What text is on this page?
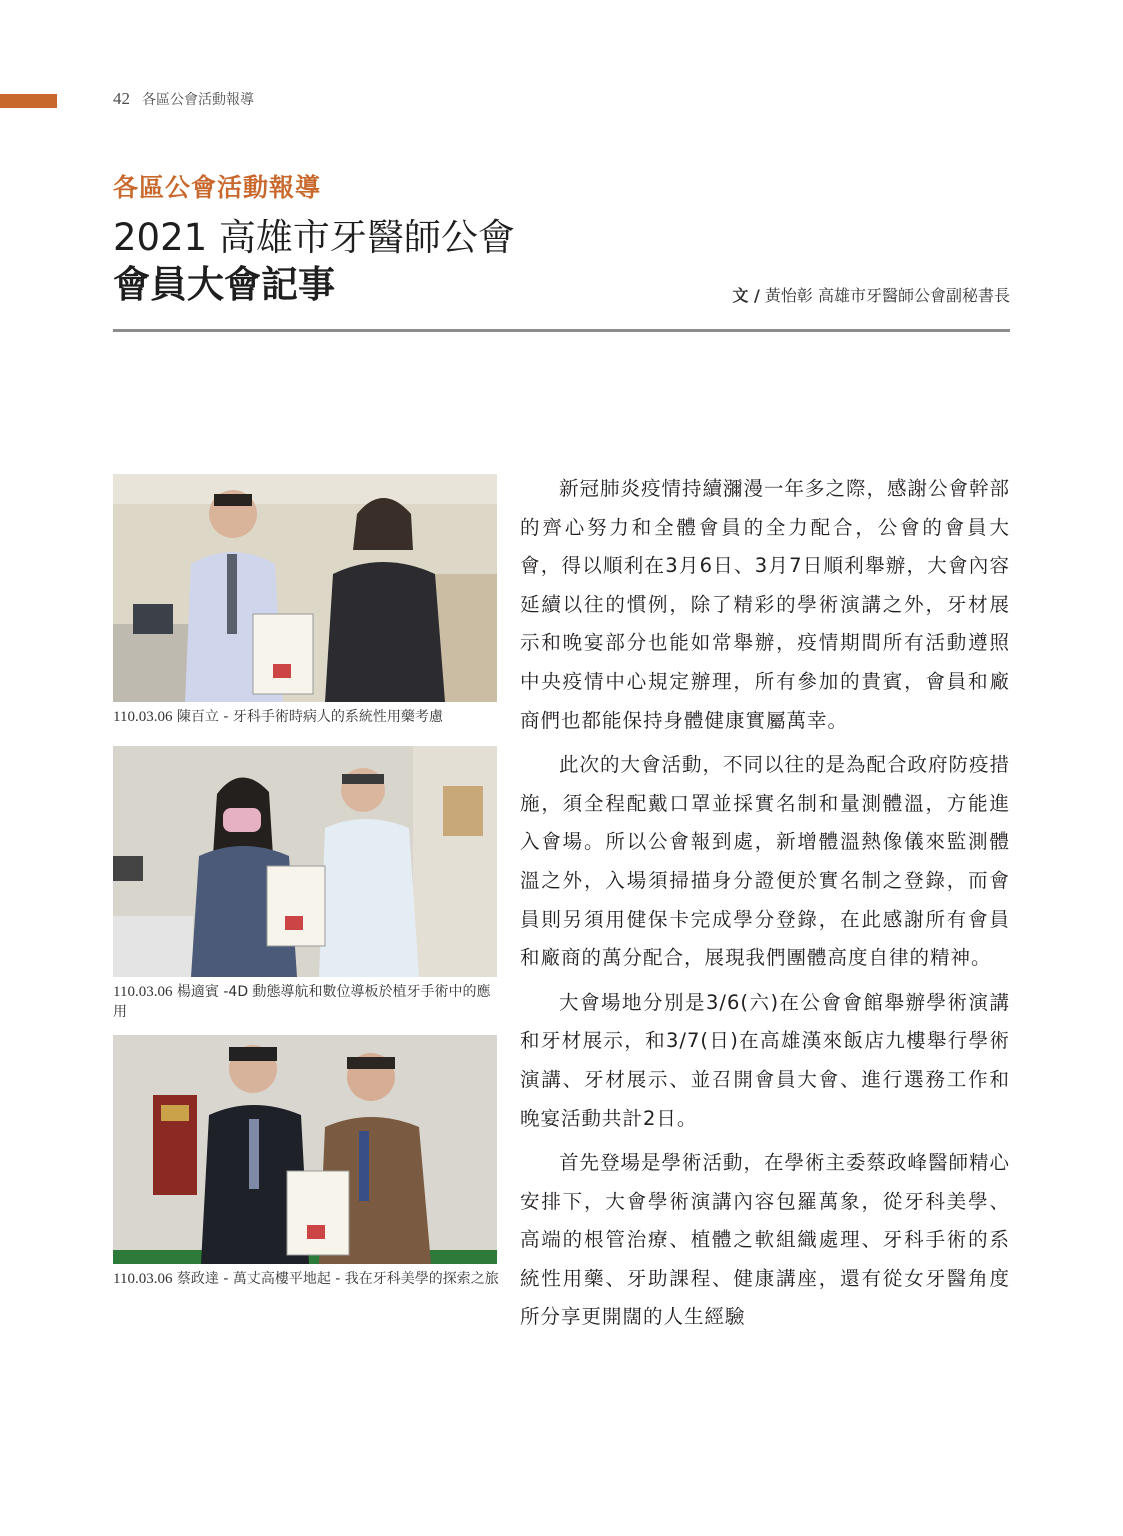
42 各區公會活動報導
各區公會活動報導
2021 高雄市牙醫師公會
會員大會記事	文 / 黃怡彰 高雄市牙醫師公會副秘書長
110.03.06 陳百立 - 牙科手術時病人的系統性用藥考慮
110.03.06 楊適賓 -4D 動態導航和數位導板於植牙手術中的應用
110.03.06 蔡政達 - 萬丈高樓平地起 - 我在牙科美學的探索之旅

新冠肺炎疫情持續瀰漫一年多之際，感謝公會幹部的齊心努力和全體會員的全力配合，公會的會員大會，得以順利在3月6日、3月7日順利舉辦，大會內容延續以往的慣例，除了精彩的學術演講之外，牙材展示和晚宴部分也能如常舉辦，疫情期間所有活動遵照中央疫情中心規定辦理，所有參加的貴賓，會員和廠商們也都能保持身體健康實屬萬幸。

此次的大會活動，不同以往的是為配合政府防疫措施，須全程配戴口罩並採實名制和量測體溫，方能進入會場。所以公會報到處，新增體溫熱像儀來監測體溫之外，入場須掃描身分證便於實名制之登錄，而會員則另須用健保卡完成學分登錄，在此感謝所有會員和廠商的萬分配合，展現我們團體高度自律的精神。

大會場地分別是3/6(六)在公會會館舉辦學術演講和牙材展示，和3/7(日)在高雄漢來飯店九樓舉行學術演講、牙材展示、並召開會員大會、進行選務工作和晚宴活動共計2日。

首先登場是學術活動，在學術主委蔡政峰醫師精心安排下，大會學術演講內容包羅萬象，從牙科美學、高端的根管治療、植體之軟組織處理、牙科手術的系統性用藥、牙助課程、健康講座，還有從女牙醫角度所分享更開闊的人生經驗
